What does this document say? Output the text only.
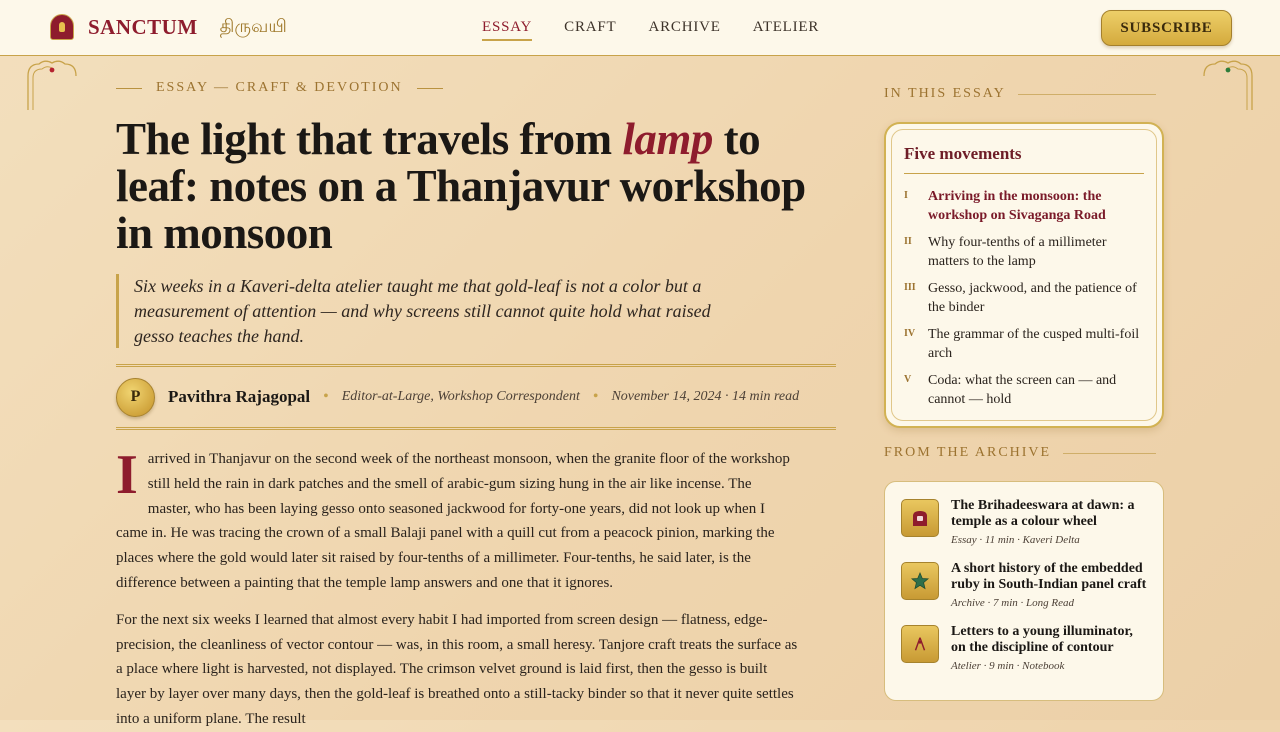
SANCTUM திருவயி	ESSAY CRAFT ARCHIVE ATELIER	SUBSCRIBE
ESSAY — CRAFT & DEVOTION
The light that travels from lamp to leaf: notes on a Thanjavur workshop in monsoon
Six weeks in a Kaveri-delta atelier taught me that gold-leaf is not a color but a measurement of attention — and why screens still cannot quite hold what raised gesso teaches the hand.
P	Pavithra Rajagopal • Editor-at-Large, Workshop Correspondent • November 14, 2024 · 14 min read

Iarrived in Thanjavur on the second week of the northeast monsoon, when the granite floor of the workshop still held the rain in dark patches and the smell of arabic-gum sizing hung in the air like incense. The master, who has been laying gesso onto seasoned jackwood for forty-one years, did not look up when I came in. He was tracing the crown of a small Balaji panel with a quill cut from a peacock pinion, marking the places where the gold would later sit raised by four-tenths of a millimeter. Four-tenths, he said later, is the difference between a painting that the temple lamp answers and one that it ignores.

For the next six weeks I learned that almost every habit I had imported from screen design — flatness, edge-precision, the cleanliness of vector contour — was, in this room, a small heresy. Tanjore craft treats the surface as a place where light is harvested, not displayed. The crimson velvet ground is laid first, then the gesso is built layer by layer over many days, then the gold-leaf is breathed onto a still-tacky binder so that it never quite settles into a uniform plane. The result

IN THIS ESSAY
Five movements
I	Arriving in the monsoon: the workshop on Sivaganga Road
II	Why four-tenths of a millimeter matters to the lamp
III Gesso, jackwood, and the patience of the binder
IV The grammar of the cusped multi-foil arch
V	Coda: what the screen can — and cannot — hold
FROM THE ARCHIVE
The Brihadeeswara at dawn: a temple as a colour wheel
Essay · 11 min · Kaveri Delta
A short history of the embedded ruby in South-Indian panel craft
Archive · 7 min · Long Read
Letters to a young illuminator, on the discipline of contour
Atelier · 9 min · Notebook
